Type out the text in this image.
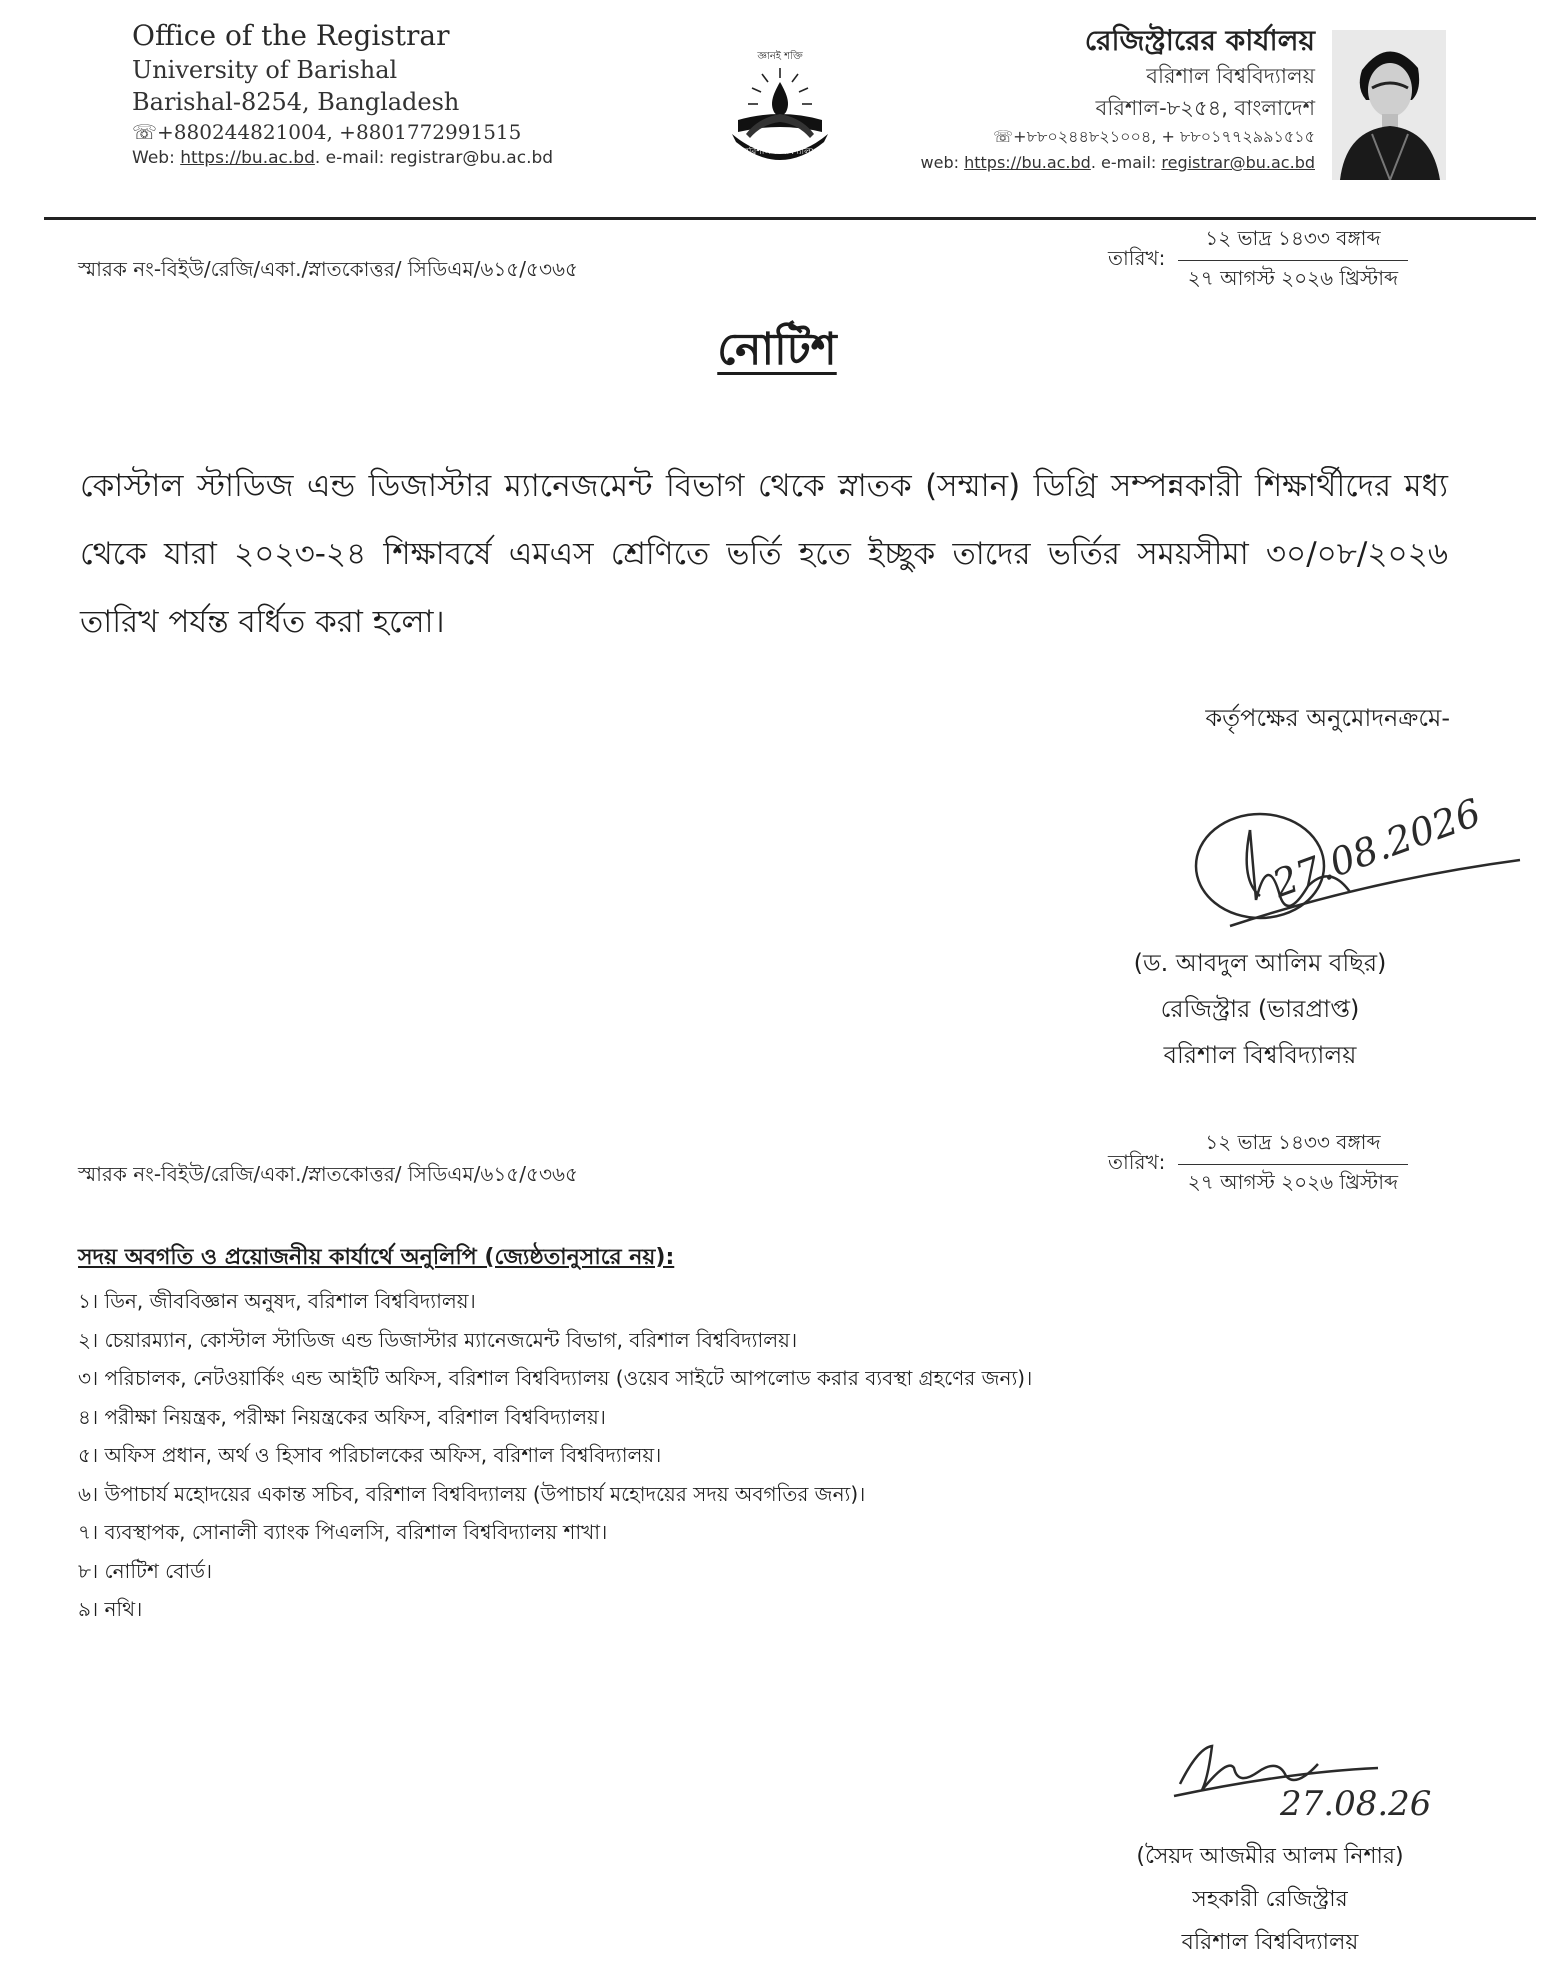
Office of the Registrar
University of Barishal
Barishal-8254, Bangladesh
☏+880244821004, +8801772991515
Web: https://bu.ac.bd. e-mail: registrar@bu.ac.bd
জ্ঞানই শক্তি
বরিশাল বিশ্ববিদ্যালয়
রেজিস্ট্রারের কার্যালয়
বরিশাল বিশ্ববিদ্যালয়
বরিশাল-৮২৫৪, বাংলাদেশ
☏+৮৮০২৪৪৮২১০০৪, + ৮৮০১৭৭২৯৯১৫১৫
web: https://bu.ac.bd. e-mail: registrar@bu.ac.bd
স্মারক নং-বিইউ/রেজি/একা./স্নাতকোত্তর/ সিডিএম/৬১৫/৫৩৬৫	তারিখ: $\frac{\text{১২ ভাদ্র ১৪৩৩ বঙ্গাব্দ}}{\text{২৭ আগস্ট ২০২৬ খ্রিস্টাব্দ}}$
নোটিশ
কোস্টাল স্টাডিজ এন্ড ডিজাস্টার ম্যানেজমেন্ট বিভাগ থেকে স্নাতক (সম্মান) ডিগ্রি সম্পন্নকারী শিক্ষার্থীদের মধ্য থেকে যারা ২০২৩-২৪ শিক্ষাবর্ষে এমএস শ্রেণিতে ভর্তি হতে ইচ্ছুক তাদের ভর্তির সময়সীমা ৩০/০৮/২০২৬ তারিখ পর্যন্ত বর্ধিত করা হলো।
কর্তৃপক্ষের অনুমোদনক্রমে-
27.08.2026
(ড. আবদুল আলিম বছির)
রেজিস্ট্রার (ভারপ্রাপ্ত)
বরিশাল বিশ্ববিদ্যালয়
স্মারক নং-বিইউ/রেজি/একা./স্নাতকোত্তর/ সিডিএম/৬১৫/৫৩৬৫	তারিখ: $\frac{\text{১২ ভাদ্র ১৪৩৩ বঙ্গাব্দ}}{\text{২৭ আগস্ট ২০২৬ খ্রিস্টাব্দ}}$
সদয় অবগতি ও প্রয়োজনীয় কার্যার্থে অনুলিপি (জ্যেষ্ঠতানুসারে নয়):
১। ডিন, জীববিজ্ঞান অনুষদ, বরিশাল বিশ্ববিদ্যালয়।
২। চেয়ারম্যান, কোস্টাল স্টাডিজ এন্ড ডিজাস্টার ম্যানেজমেন্ট বিভাগ, বরিশাল বিশ্ববিদ্যালয়।
৩। পরিচালক, নেটওয়ার্কিং এন্ড আইটি অফিস, বরিশাল বিশ্ববিদ্যালয় (ওয়েব সাইটে আপলোড করার ব্যবস্থা গ্রহণের জন্য)।
৪। পরীক্ষা নিয়ন্ত্রক, পরীক্ষা নিয়ন্ত্রকের অফিস, বরিশাল বিশ্ববিদ্যালয়।
৫। অফিস প্রধান, অর্থ ও হিসাব পরিচালকের অফিস, বরিশাল বিশ্ববিদ্যালয়।
৬। উপাচার্য মহোদয়ের একান্ত সচিব, বরিশাল বিশ্ববিদ্যালয় (উপাচার্য মহোদয়ের সদয় অবগতির জন্য)।
৭। ব্যবস্থাপক, সোনালী ব্যাংক পিএলসি, বরিশাল বিশ্ববিদ্যালয় শাখা।
৮। নোটিশ বোর্ড।
৯। নথি।
27.08.26
(সৈয়দ আজমীর আলম নিশার)
সহকারী রেজিস্ট্রার
বরিশাল বিশ্ববিদ্যালয়
